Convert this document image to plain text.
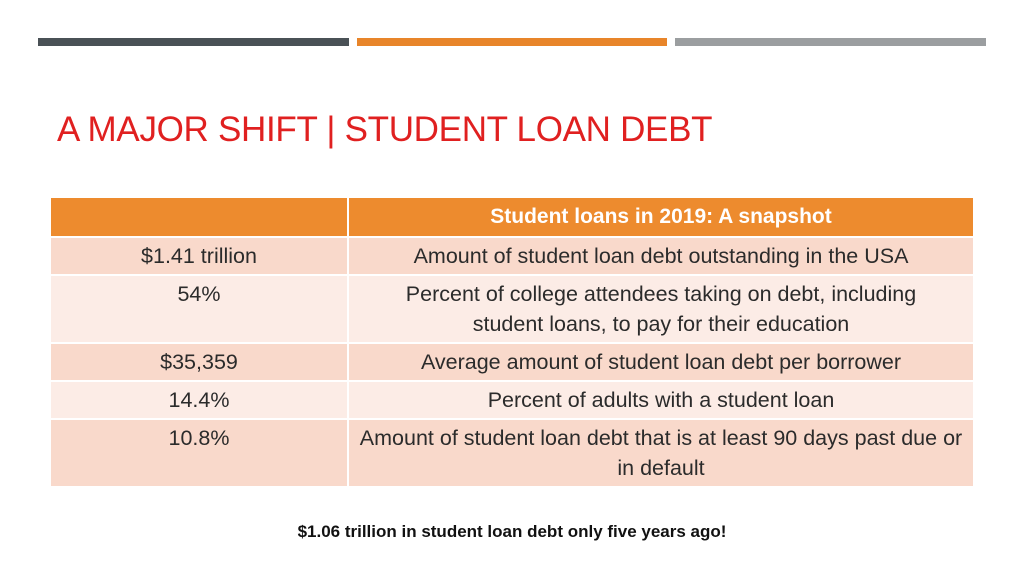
A MAJOR SHIFT | STUDENT LOAN DEBT
	Student loans in 2019: A snapshot
$1.41 trillion	Amount of student loan debt outstanding in the USA
54%	Percent of college attendees taking on debt, including student loans, to pay for their education
$35,359	Average amount of student loan debt per borrower
14.4%	Percent of adults with a student loan
10.8%	Amount of student loan debt that is at least 90 days past due or in default
$1.06 trillion in student loan debt only five years ago!
